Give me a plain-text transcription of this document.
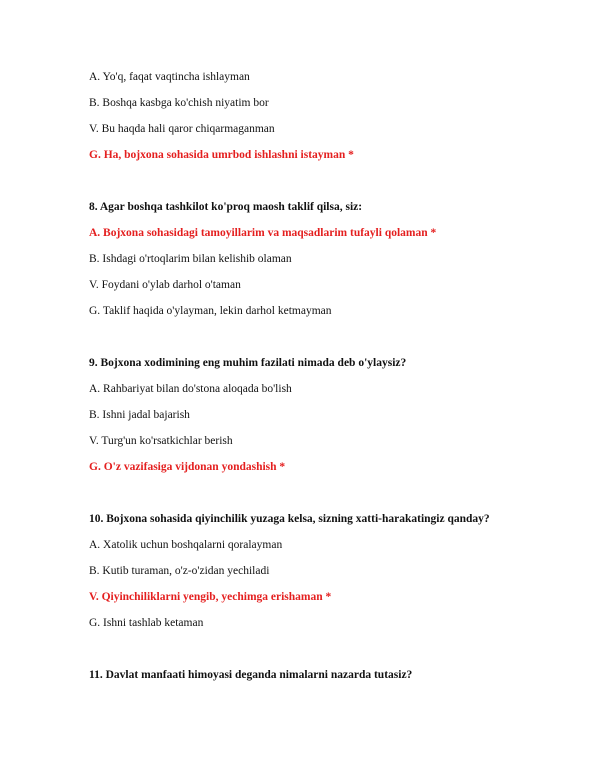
A. Yo'q, faqat vaqtincha ishlayman
B. Boshqa kasbga ko'chish niyatim bor
V. Bu haqda hali qaror chiqarmaganman
G. Ha, bojxona sohasida umrbod ishlashni istayman *
8. Agar boshqa tashkilot ko'proq maosh taklif qilsa, siz:
A. Bojxona sohasidagi tamoyillarim va maqsadlarim tufayli qolaman *
B. Ishdagi o'rtoqlarim bilan kelishib olaman
V. Foydani o'ylab darhol o'taman
G. Taklif haqida o'ylayman, lekin darhol ketmayman
9. Bojxona xodimining eng muhim fazilati nimada deb o'ylaysiz?
A. Rahbariyat bilan do'stona aloqada bo'lish
B. Ishni jadal bajarish
V. Turg'un ko'rsatkichlar berish
G. O'z vazifasiga vijdonan yondashish *
10. Bojxona sohasida qiyinchilik yuzaga kelsa, sizning xatti-harakatingiz qanday?
A. Xatolik uchun boshqalarni qoralayman
B. Kutib turaman, o'z-o'zidan yechiladi
V. Qiyinchiliklarni yengib, yechimga erishaman *
G. Ishni tashlab ketaman
11. Davlat manfaati himoyasi deganda nimalarni nazarda tutasiz?
